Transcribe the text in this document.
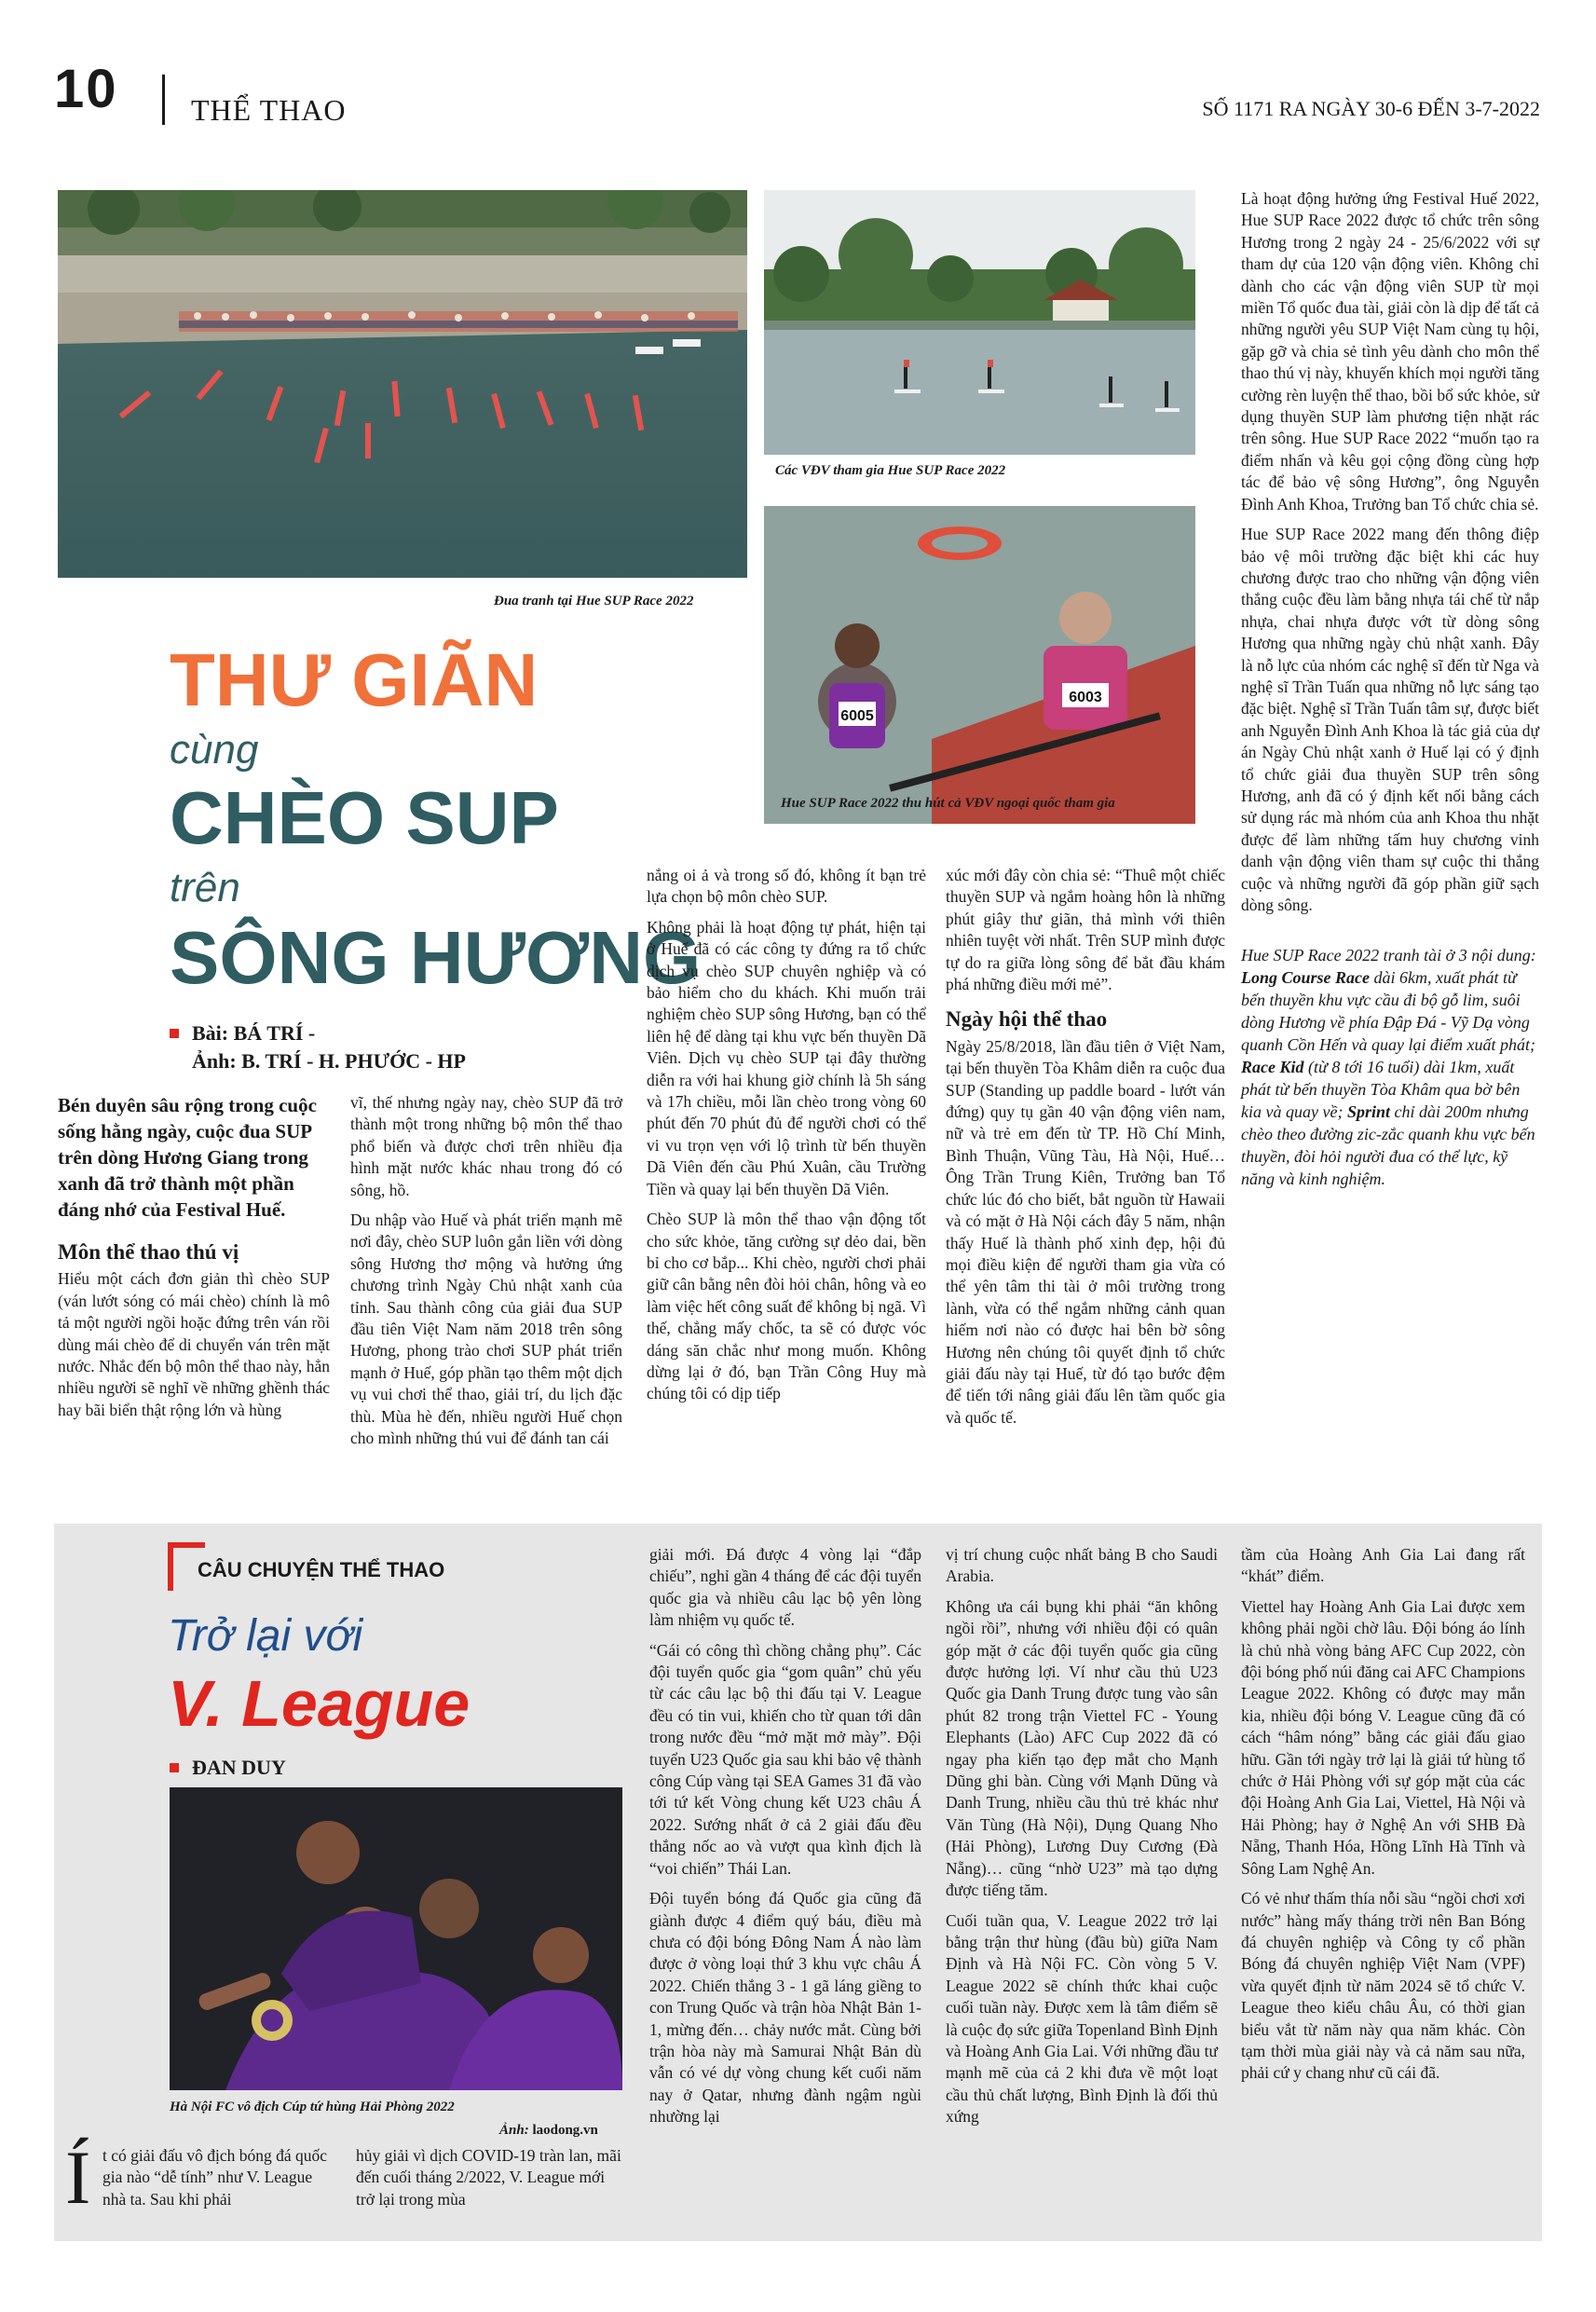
10 THỂ THAO	SỐ 1171 RA NGÀY 30-6 ĐẾN 3-7-2022
Đua tranh tại Hue SUP Race 2022
Các VĐV tham gia Hue SUP Race 2022
6005
6003
Hue SUP Race 2022 thu hút cả VĐV ngoại quốc tham gia
THƯ GIÃN
cùng
CHÈO SUP
trên
SÔNG HƯƠNG
Bài: BÁ TRÍ -
Ảnh: B. TRÍ - H. PHƯỚC - HP

Bén duyên sâu rộng trong cuộc sống hằng ngày, cuộc đua SUP trên dòng Hương Giang trong xanh đã trở thành một phần đáng nhớ của Festival Huế.

Môn thể thao thú vị

Hiểu một cách đơn giản thì chèo SUP (ván lướt sóng có mái chèo) chính là mô tả một người ngồi hoặc đứng trên ván rồi dùng mái chèo để di chuyển ván trên mặt nước. Nhắc đến bộ môn thể thao này, hẳn nhiều người sẽ nghĩ về những ghềnh thác hay bãi biển thật rộng lớn và hùng

vĩ, thế nhưng ngày nay, chèo SUP đã trở thành một trong những bộ môn thể thao phổ biến và được chơi trên nhiều địa hình mặt nước khác nhau trong đó có sông, hồ.

Du nhập vào Huế và phát triển mạnh mẽ nơi đây, chèo SUP luôn gắn liền với dòng sông Hương thơ mộng và hưởng ứng chương trình Ngày Chủ nhật xanh của tỉnh. Sau thành công của giải đua SUP đầu tiên Việt Nam năm 2018 trên sông Hương, phong trào chơi SUP phát triển mạnh ở Huế, góp phần tạo thêm một dịch vụ vui chơi thể thao, giải trí, du lịch đặc thù. Mùa hè đến, nhiều người Huế chọn cho mình những thú vui để đánh tan cái

nắng oi ả và trong số đó, không ít bạn trẻ lựa chọn bộ môn chèo SUP.

Không phải là hoạt động tự phát, hiện tại ở Huế đã có các công ty đứng ra tổ chức dịch vụ chèo SUP chuyên nghiệp và có bảo hiểm cho du khách. Khi muốn trải nghiệm chèo SUP sông Hương, bạn có thể liên hệ để dàng tại khu vực bến thuyền Dã Viên. Dịch vụ chèo SUP tại đây thường diễn ra với hai khung giờ chính là 5h sáng và 17h chiều, mỗi lần chèo trong vòng 60 phút đến 70 phút đủ để người chơi có thể vi vu trọn vẹn với lộ trình từ bến thuyền Dã Viên đến cầu Phú Xuân, cầu Trường Tiền và quay lại bến thuyền Dã Viên.

Chèo SUP là môn thể thao vận động tốt cho sức khỏe, tăng cường sự dẻo dai, bền bỉ cho cơ bắp... Khi chèo, người chơi phải giữ cân bằng nên đòi hỏi chân, hông và eo làm việc hết công suất để không bị ngã. Vì thế, chẳng mấy chốc, ta sẽ có được vóc dáng săn chắc như mong muốn. Không dừng lại ở đó, bạn Trần Công Huy mà chúng tôi có dịp tiếp

xúc mới đây còn chia sẻ: “Thuê một chiếc thuyền SUP và ngắm hoàng hôn là những phút giây thư giãn, thả mình với thiên nhiên tuyệt vời nhất. Trên SUP mình được tự do ra giữa lòng sông để bắt đầu khám phá những điều mới mẻ”.

Ngày hội thể thao

Ngày 25/8/2018, lần đầu tiên ở Việt Nam, tại bến thuyền Tòa Khâm diễn ra cuộc đua SUP (Standing up paddle board - lướt ván đứng) quy tụ gần 40 vận động viên nam, nữ và trẻ em đến từ TP. Hồ Chí Minh, Bình Thuận, Vũng Tàu, Hà Nội, Huế… Ông Trần Trung Kiên, Trưởng ban Tổ chức lúc đó cho biết, bắt nguồn từ Hawaii và có mặt ở Hà Nội cách đây 5 năm, nhận thấy Huế là thành phố xinh đẹp, hội đủ mọi điều kiện để người tham gia vừa có thể yên tâm thi tài ở môi trường trong lành, vừa có thể ngắm những cảnh quan hiếm nơi nào có được hai bên bờ sông Hương nên chúng tôi quyết định tổ chức giải đấu này tại Huế, từ đó tạo bước đệm để tiến tới nâng giải đấu lên tầm quốc gia và quốc tế.

Là hoạt động hưởng ứng Festival Huế 2022, Hue SUP Race 2022 được tổ chức trên sông Hương trong 2 ngày 24 - 25/6/2022 với sự tham dự của 120 vận động viên. Không chỉ dành cho các vận động viên SUP từ mọi miền Tổ quốc đua tài, giải còn là dịp để tất cả những người yêu SUP Việt Nam cùng tụ hội, gặp gỡ và chia sẻ tình yêu dành cho môn thể thao thú vị này, khuyến khích mọi người tăng cường rèn luyện thể thao, bồi bổ sức khỏe, sử dụng thuyền SUP làm phương tiện nhặt rác trên sông. Hue SUP Race 2022 “muốn tạo ra điểm nhấn và kêu gọi cộng đồng cùng hợp tác để bảo vệ sông Hương”, ông Nguyễn Đình Anh Khoa, Trưởng ban Tổ chức chia sẻ.

Hue SUP Race 2022 mang đến thông điệp bảo vệ môi trường đặc biệt khi các huy chương được trao cho những vận động viên thắng cuộc đều làm bằng nhựa tái chế từ nắp nhựa, chai nhựa được vớt từ dòng sông Hương qua những ngày chủ nhật xanh. Đây là nỗ lực của nhóm các nghệ sĩ đến từ Nga và nghệ sĩ Trần Tuấn qua những nỗ lực sáng tạo đặc biệt. Nghệ sĩ Trần Tuấn tâm sự, được biết anh Nguyễn Đình Anh Khoa là tác giả của dự án Ngày Chủ nhật xanh ở Huế lại có ý định tổ chức giải đua thuyền SUP trên sông Hương, anh đã có ý định kết nối bằng cách sử dụng rác mà nhóm của anh Khoa thu nhặt được để làm những tấm huy chương vinh danh vận động viên tham sự cuộc thi thắng cuộc và những người đã góp phần giữ sạch dòng sông.

Hue SUP Race 2022 tranh tài ở 3 nội dung: Long Course Race dài 6km, xuất phát từ bến thuyền khu vực cầu đi bộ gỗ lim, suôi dòng Hương về phía Đập Đá - Vỹ Dạ vòng quanh Cồn Hến và quay lại điểm xuất phát; Race Kid (từ 8 tới 16 tuổi) dài 1km, xuất phát từ bến thuyền Tòa Khâm qua bờ bên kia và quay về; Sprint chỉ dài 200m nhưng chèo theo đường zic-zắc quanh khu vực bến thuyền, đòi hỏi người đua có thể lực, kỹ năng và kinh nghiệm.

CÂU CHUYỆN THỂ THAO
Trở lại với
V. League
ĐAN DUY
Hà Nội FC vô địch Cúp tứ hùng Hải Phòng 2022
Ảnh: laodong.vn
Í t có giải đấu vô địch bóng đá quốc gia nào “dễ tính” như V. League nhà ta. Sau khi phải

hủy giải vì dịch COVID-19 tràn lan, mãi đến cuối tháng 2/2022, V. League mới trở lại trong mùa

giải mới. Đá được 4 vòng lại “đắp chiếu”, nghỉ gần 4 tháng để các đội tuyển quốc gia và nhiều câu lạc bộ yên lòng làm nhiệm vụ quốc tế.

“Gái có công thì chồng chẳng phụ”. Các đội tuyển quốc gia “gom quân” chủ yếu từ các câu lạc bộ thi đấu tại V. League đều có tin vui, khiến cho từ quan tới dân trong nước đều “mở mặt mở mày”. Đội tuyển U23 Quốc gia sau khi bảo vệ thành công Cúp vàng tại SEA Games 31 đã vào tới tứ kết Vòng chung kết U23 châu Á 2022. Sướng nhất ở cả 2 giải đấu đều thắng nốc ao và vượt qua kình địch là “voi chiến” Thái Lan.

Đội tuyển bóng đá Quốc gia cũng đã giành được 4 điểm quý báu, điều mà chưa có đội bóng Đông Nam Á nào làm được ở vòng loại thứ 3 khu vực châu Á 2022. Chiến thắng 3 - 1 gã láng giềng to con Trung Quốc và trận hòa Nhật Bản 1-1, mừng đến… chảy nước mắt. Cùng bởi trận hòa này mà Samurai Nhật Bản dù vẫn có vé dự vòng chung kết cuối năm nay ở Qatar, nhưng đành ngậm ngùi nhường lại

vị trí chung cuộc nhất bảng B cho Saudi Arabia.

Không ưa cái bụng khi phải “ăn không ngồi rồi”, nhưng với nhiều đội có quân góp mặt ở các đội tuyển quốc gia cũng được hưởng lợi. Ví như cầu thủ U23 Quốc gia Danh Trung được tung vào sân phút 82 trong trận Viettel FC - Young Elephants (Lào) AFC Cup 2022 đã có ngay pha kiến tạo đẹp mắt cho Mạnh Dũng ghi bàn. Cùng với Mạnh Dũng và Danh Trung, nhiều cầu thủ trẻ khác như Văn Tùng (Hà Nội), Dụng Quang Nho (Hải Phòng), Lương Duy Cương (Đà Nẵng)… cũng “nhờ U23” mà tạo dựng được tiếng tăm.

Cuối tuần qua, V. League 2022 trở lại bằng trận thư hùng (đầu bù) giữa Nam Định và Hà Nội FC. Còn vòng 5 V. League 2022 sẽ chính thức khai cuộc cuối tuần này. Được xem là tâm điểm sẽ là cuộc đọ sức giữa Topenland Bình Định và Hoàng Anh Gia Lai. Với những đầu tư mạnh mẽ của cả 2 khi đưa về một loạt cầu thủ chất lượng, Bình Định là đối thủ xứng

tầm của Hoàng Anh Gia Lai đang rất “khát” điểm.

Viettel hay Hoàng Anh Gia Lai được xem không phải ngồi chờ lâu. Đội bóng áo lính là chủ nhà vòng bảng AFC Cup 2022, còn đội bóng phố núi đăng cai AFC Champions League 2022. Không có được may mắn kia, nhiều đội bóng V. League cũng đã có cách “hâm nóng” bằng các giải đấu giao hữu. Gần tới ngày trở lại là giải tứ hùng tổ chức ở Hải Phòng với sự góp mặt của các đội Hoàng Anh Gia Lai, Viettel, Hà Nội và Hải Phòng; hay ở Nghệ An với SHB Đà Nẵng, Thanh Hóa, Hồng Lĩnh Hà Tĩnh và Sông Lam Nghệ An.

Có vẻ như thấm thía nỗi sầu “ngồi chơi xơi nước” hàng mấy tháng trời nên Ban Bóng đá chuyên nghiệp và Công ty cổ phần Bóng đá chuyên nghiệp Việt Nam (VPF) vừa quyết định từ năm 2024 sẽ tổ chức V. League theo kiểu châu Âu, có thời gian biểu vắt từ năm này qua năm khác. Còn tạm thời mùa giải này và cả năm sau nữa, phải cứ y chang như cũ cái đã.
